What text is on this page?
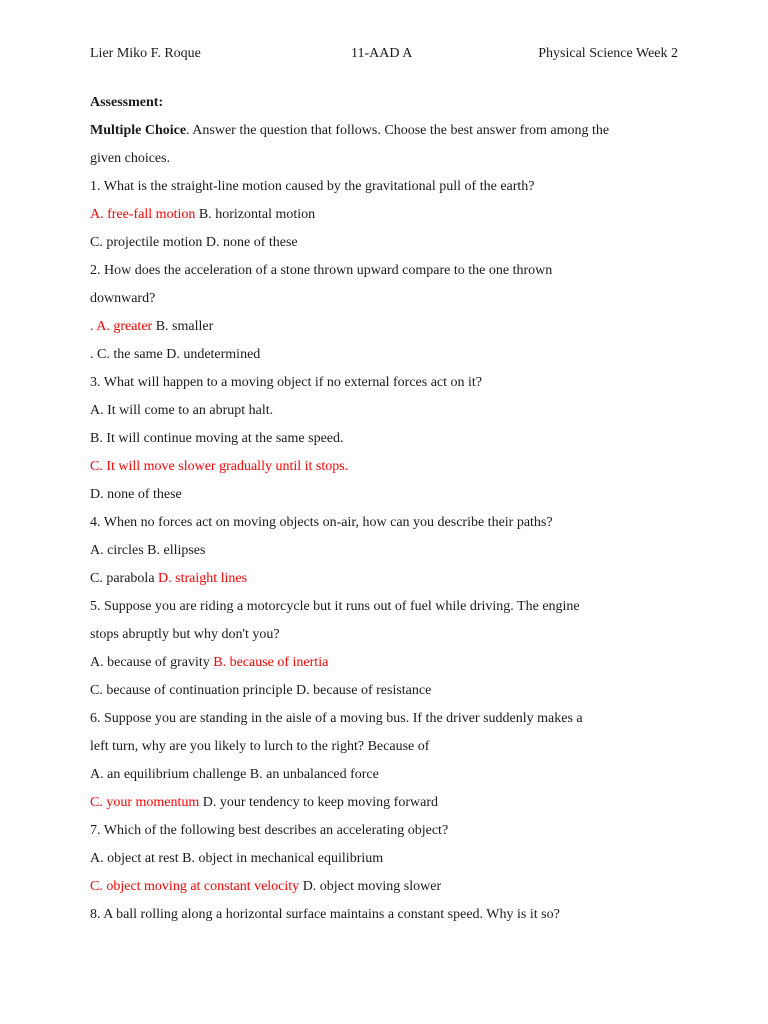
Lier Miko F. Roque	11-AAD A	Physical Science Week 2
Assessment:
Multiple Choice. Answer the question that follows. Choose the best answer from among the
given choices.
1. What is the straight-line motion caused by the gravitational pull of the earth?
A. free-fall motion B. horizontal motion
C. projectile motion D. none of these
2. How does the acceleration of a stone thrown upward compare to the one thrown
downward?
. A. greater B. smaller
. C. the same D. undetermined
3. What will happen to a moving object if no external forces act on it?
A. It will come to an abrupt halt.
B. It will continue moving at the same speed.
C. It will move slower gradually until it stops.
D. none of these
4. When no forces act on moving objects on-air, how can you describe their paths?
A. circles B. ellipses
C. parabola D. straight lines
5. Suppose you are riding a motorcycle but it runs out of fuel while driving. The engine
stops abruptly but why don't you?
A. because of gravity B. because of inertia
C. because of continuation principle D. because of resistance
6. Suppose you are standing in the aisle of a moving bus. If the driver suddenly makes a
left turn, why are you likely to lurch to the right? Because of
A. an equilibrium challenge B. an unbalanced force
C. your momentum D. your tendency to keep moving forward
7. Which of the following best describes an accelerating object?
A. object at rest B. object in mechanical equilibrium
C. object moving at constant velocity D. object moving slower
8. A ball rolling along a horizontal surface maintains a constant speed. Why is it so?
